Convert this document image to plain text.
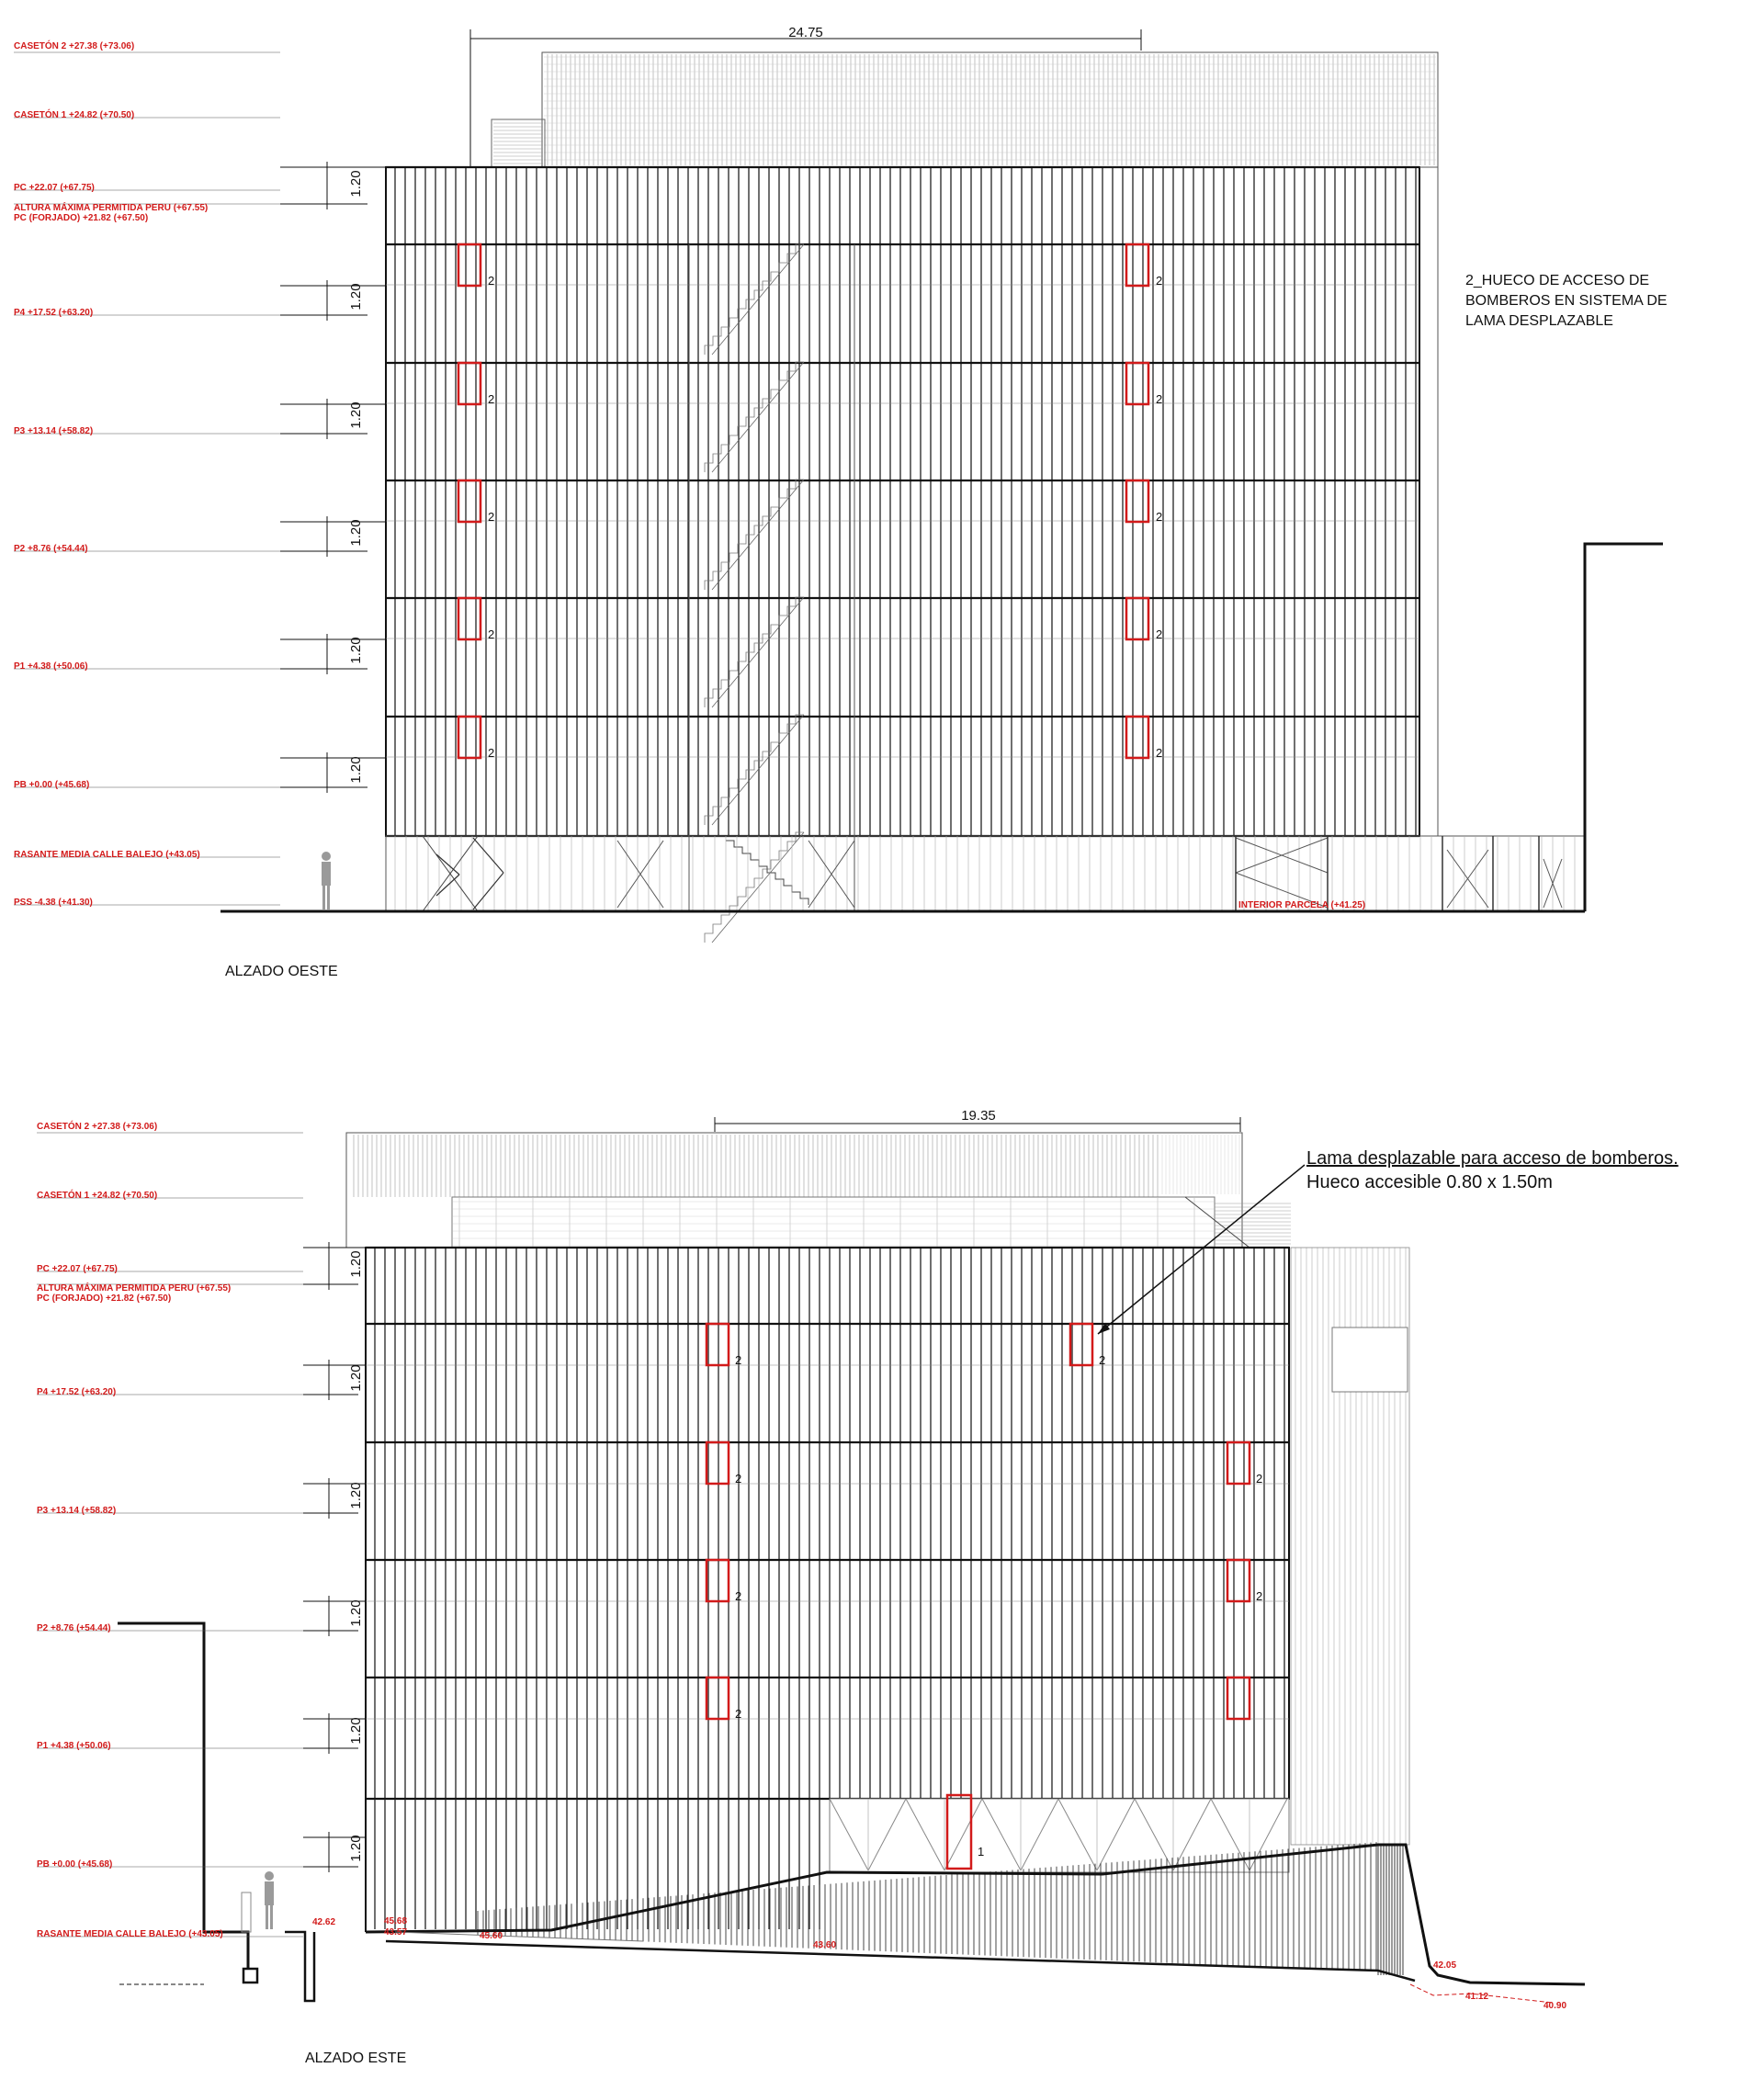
24.75
CASETÓN 2 +27.38 (+73.06)
CASETÓN 1 +24.82 (+70.50)
PC +22.07 (+67.75)
ALTURA MÁXIMA PERMITIDA PERU (+67.55)
PC (FORJADO) +21.82 (+67.50)
P4 +17.52 (+63.20)
P3 +13.14 (+58.82)
P2 +8.76 (+54.44)
P1 +4.38 (+50.06)
PB +0.00 (+45.68)
RASANTE MEDIA CALLE BALEJO (+43.05)
PSS -4.38 (+41.30)	INTERIOR PARCELA (+41.25)
1.20
1.20
1.20
1.20
1.20
1.20
2
2
2
2
2
2
2
2
2
2
2_HUECO DE ACCESO DE
BOMBEROS EN SISTEMA DE
LAMA DESPLAZABLE
ALZADO OESTE
19.35
CASETÓN 2 +27.38 (+73.06)
CASETÓN 1 +24.82 (+70.50)
PC +22.07 (+67.75)
ALTURA MÁXIMA PERMITIDA PERU (+67.55)
PC (FORJADO) +21.82 (+67.50)
P4 +17.52 (+63.20)
P3 +13.14 (+58.82)
P2 +8.76 (+54.44)
P1 +4.38 (+50.06)
PB +0.00 (+45.68)
RASANTE MEDIA CALLE BALEJO (+43.05)
42.62
43.57
45.68
45.60
43.60
42.05
41.12
40.90
1.20
1.20
1.20
1.20
1.20
1.20
2
2
2
2
2
2
2
1
Lama desplazable para acceso de bomberos.
Hueco accesible 0.80 x 1.50m
ALZADO ESTE
